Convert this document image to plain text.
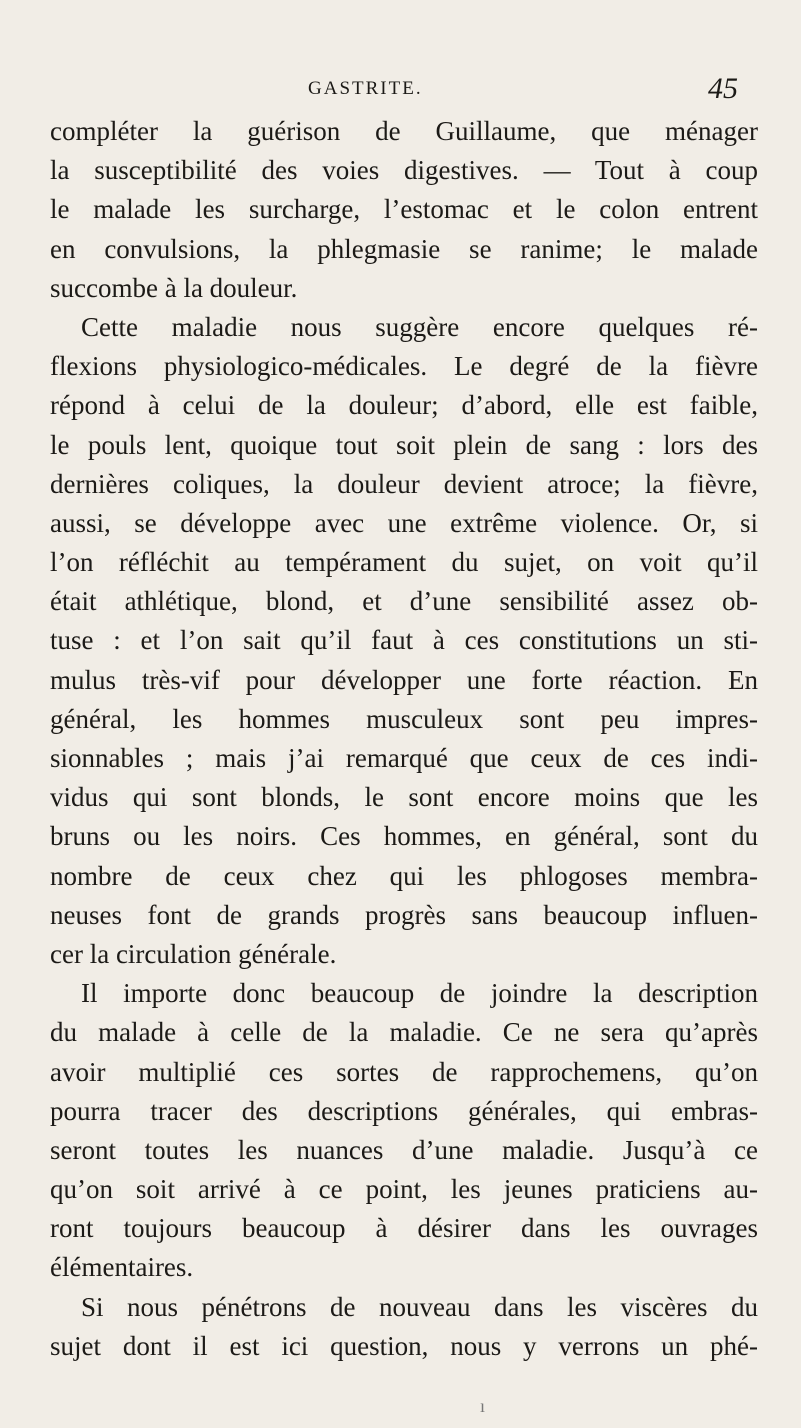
GASTRITE.	45
compléter la guérison de Guillaume, que ménager
la susceptibilité des voies digestives. — Tout à coup
le malade les surcharge, l’estomac et le colon entrent
en convulsions, la phlegmasie se ranime; le malade
succombe à la douleur.
Cette maladie nous suggère encore quelques ré-
flexions physiologico-médicales. Le degré de la fièvre
répond à celui de la douleur; d’abord, elle est faible,
le pouls lent, quoique tout soit plein de sang : lors des
dernières coliques, la douleur devient atroce; la fièvre,
aussi, se développe avec une extrême violence. Or, si
l’on réfléchit au tempérament du sujet, on voit qu’il
était athlétique, blond, et d’une sensibilité assez ob-
tuse : et l’on sait qu’il faut à ces constitutions un sti-
mulus très-vif pour développer une forte réaction. En
général, les hommes musculeux sont peu impres-
sionnables ; mais j’ai remarqué que ceux de ces indi-
vidus qui sont blonds, le sont encore moins que les
bruns ou les noirs. Ces hommes, en général, sont du
nombre de ceux chez qui les phlogoses membra-
neuses font de grands progrès sans beaucoup influen-
cer la circulation générale.
Il importe donc beaucoup de joindre la description
du malade à celle de la maladie. Ce ne sera qu’après
avoir multiplié ces sortes de rapprochemens, qu’on
pourra tracer des descriptions générales, qui embras-
seront toutes les nuances d’une maladie. Jusqu’à ce
qu’on soit arrivé à ce point, les jeunes praticiens au-
ront toujours beaucoup à désirer dans les ouvrages
élémentaires.
Si nous pénétrons de nouveau dans les viscères du
sujet dont il est ici question, nous y verrons un phé-
ı
